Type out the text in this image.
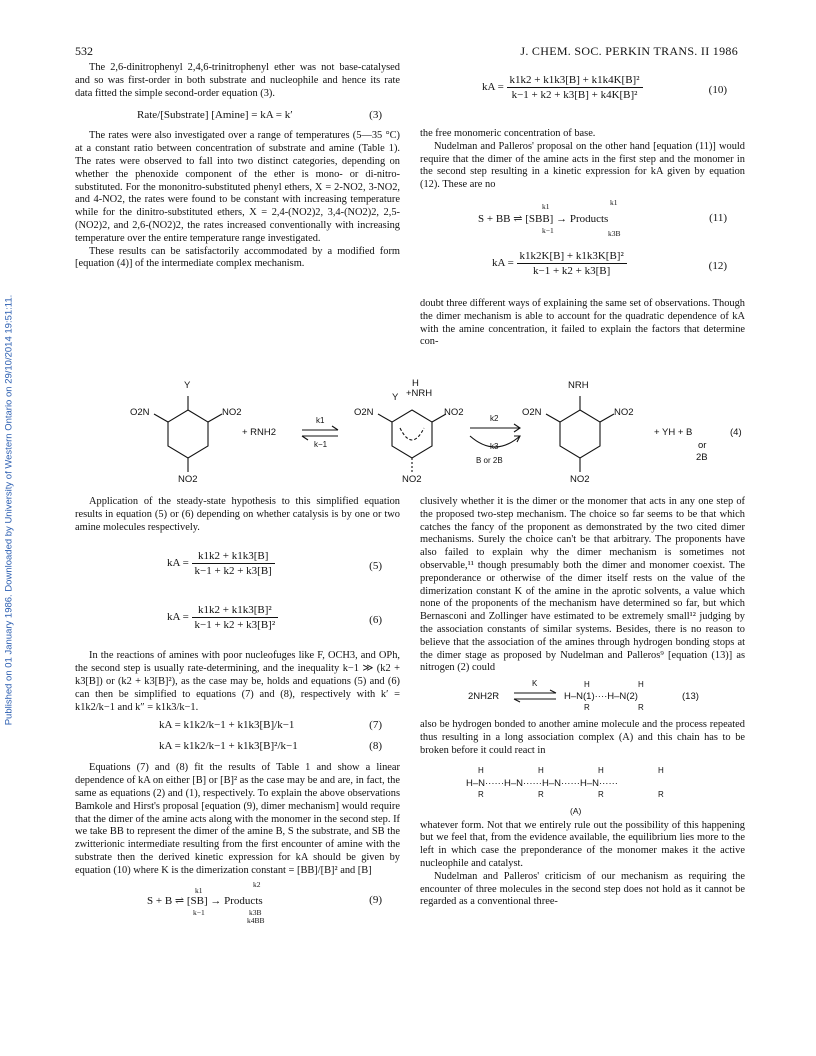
Published on 01 January 1986. Downloaded by University of Western Ontario on 29/10/2014 19:51:11.
532	J. CHEM. SOC. PERKIN TRANS. II 1986

The 2,6-dinitrophenyl 2,4,6-trinitrophenyl ether was not base-catalysed and so was first-order in both substrate and nucleophile and hence its rate data fitted the simple second-order equation (3).

Rate/[Substrate] [Amine] = kA = k′	(3)

The rates were also investigated over a range of temperatures (5—35 °C) at a constant ratio between concentration of substrate and amine (Table 1). The rates were observed to fall into two distinct categories, depending on whether the phenoxide component of the ether is mono- or di-nitro-substituted. For the mononitro-substituted phenyl ethers, X = 2-NO2, 3-NO2, and 4-NO2, the rates were found to be constant with increasing temperature while for the dinitro-substituted ethers, X = 2,4-(NO2)2, 3,4-(NO2)2, 2,5-(NO2)2, and 2,6-(NO2)2, the rates increased conventionally with increasing temperature over the entire temperature range investigated.

These results can be satisfactorily accommodated by a modified form [equation (4)] of the intermediate complex mechanism.

kA = $\frac{\text{k1k2 + k1k3[B] + k1k4K[B]²}}{\text{k−1 + k2 + k3[B] + k4K[B]²}}$	(10)

the free monomeric concentration of base.

Nudelman and Palleros' proposal on the other hand [equation (11)] would require that the dimer of the amine acts in the first step and the monomer in the second step resulting in a kinetic expression for kA given by equation (12). These are no

S + BB ⇌ [SBB] → Products
k1
k−1
k1
k3B
(11)
kA = $\frac{\text{k1k2K[B] + k1k3K[B]²}}{k-1 + k2 + k3[B]}$	(12)

doubt three different ways of explaining the same set of observations. Though the dimer mechanism is able to account for the quadratic dependence of kA with the amine concentration, it failed to explain the factors that determine con-

Y
O2N	NO2
NO2
+ RNH2
k1
k−1
Y
H
+NRH
O2N	NO2
NO2
k2
k3
B or 2B
NRH
O2N	NO2
NO2
+ YH + B
or
2B
(4)

Application of the steady-state hypothesis to this simplified equation results in equation (5) or (6) depending on whether catalysis is by one or two amine molecules respectively.

kA = $\frac{k1k2 + k1k3[B]}{k-1 + k2 + k3[B]}$	(5)
kA = $\frac{\text{k1k2 + k1k3[B]²}}{\text{k−1 + k2 + k3[B]²}}$	(6)

In the reactions of amines with poor nucleofuges like F, OCH3, and OPh, the second step is usually rate-determining, and the inequality k−1 ≫ (k2 + k3[B]) or (k2 + k3[B]²), as the case may be, holds and equations (5) and (6) can then be simplified to equations (7) and (8), respectively with k′ = k1k2/k−1 and k″ = k1k3/k−1.

kA = k1k2/k−1 + k1k3[B]/k−1	(7)
kA = k1k2/k−1 + k1k3[B]²/k−1	(8)

Equations (7) and (8) fit the results of Table 1 and show a linear dependence of kA on either [B] or [B]² as the case may be and are, in fact, the same as equations (2) and (1), respectively. To explain the above observations Bamkole and Hirst's proposal [equation (9), dimer mechanism] would require that the dimer of the amine acts along with the monomer in the second step. If we take BB to represent the dimer of the amine B, S the substrate, and SB the zwitterionic intermediate resulting from the first encounter of amine with the substrate then the derived kinetic expression for kA should be given by equation (10) where K is the dimerization constant = [BB]/[B]² and [B]

S + B ⇌ [SB] → Products
k1
k−1
k2
k3B
k4BB
(9)

clusively whether it is the dimer or the monomer that acts in any one step of the proposed two-step mechanism. The choice so far seems to be that which catches the fancy of the proponent as demonstrated by the two cited dimer mechanisms. Surely the choice can't be that arbitrary. The proponents have also failed to explain why the dimer mechanism is sometimes not observable,¹¹ though presumably both the dimer and monomer coexist. The preponderance or otherwise of the dimer itself rests on the value of the dimerization constant K of the amine in the aprotic solvents, a value which none of the proponents of the mechanism have determined so far, but which Bernasconi and Zollinger have estimated to be extremely small¹² judging by the association constants of similar systems. Besides, there is no reason to believe that the association of the amines through hydrogen bonding stops at the dimer stage as proposed by Nudelman and Palleros⁹ [equation (13)] as nitrogen (2) could

2NH2R ⇌
K
H–N(1)····H–N(2)
H
R
H
R
(13)

also be hydrogen bonded to another amine molecule and the process repeated thus resulting in a long association complex (A) and this chain has to be broken before it could react in

H–N······H–N······H–N······H–N······
H
R
H
R
H
R
H
R
(A)

whatever form. Not that we entirely rule out the possibility of this happening but we feel that, from the evidence available, the equilibrium lies more to the left in which case the preponderance of the monomer makes it the active nucleophile and catalyst.

Nudelman and Palleros' criticism of our mechanism as requiring the encounter of three molecules in the second step does not hold as it cannot be regarded as a conventional three-
